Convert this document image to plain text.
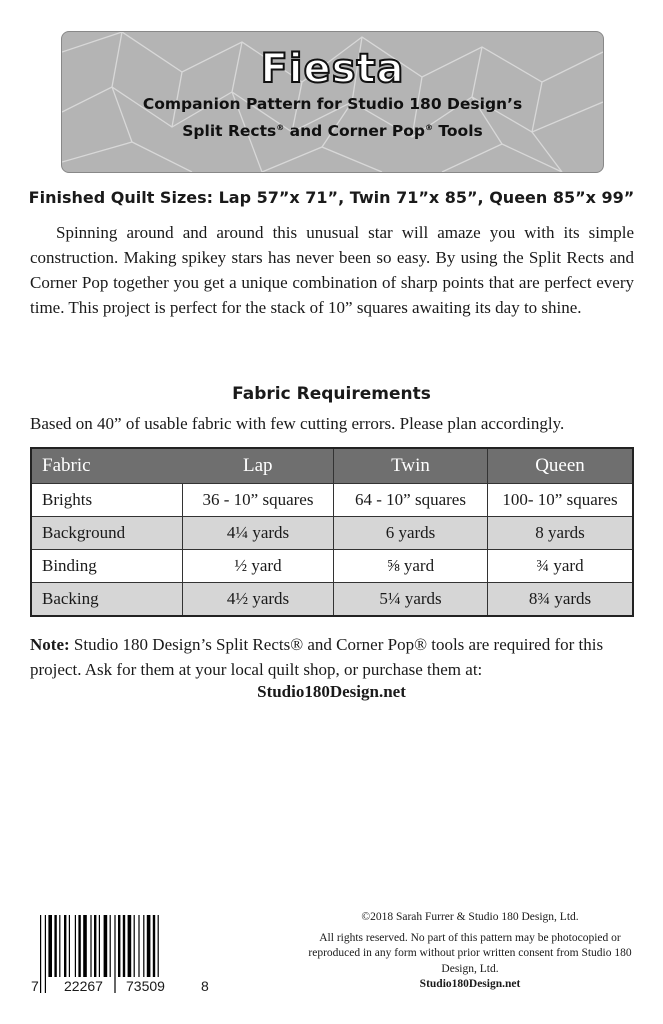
Fiesta
Companion Pattern for Studio 180 Design’s
Split Rects® and Corner Pop® Tools
Finished Quilt Sizes: Lap 57”x 71”, Twin 71”x 85”, Queen 85”x 99”
Spinning around and around this unusual star will amaze you with its simple construction. Making spikey stars has never been so easy. By using the Split Rects and Corner Pop together you get a unique combination of sharp points that are perfect every time. This project is perfect for the stack of 10” squares awaiting its day to shine.
Fabric Requirements
Based on 40” of usable fabric with few cutting errors. Please plan accordingly.
Fabric	Lap	Twin	Queen
Brights	36 - 10” squares	64 - 10” squares	100- 10” squares
Background	4¼ yards	6 yards	8 yards
Binding	½ yard	⅝ yard	¾ yard
Backing	4½ yards	5¼ yards	8¾ yards
Note: Studio 180 Design’s Split Rects® and Corner Pop® tools are required for this project. Ask for them at your local quilt shop, or purchase them at:
Studio180Design.net
7 22267 73509	8
©2018 Sarah Furrer & Studio 180 Design, Ltd.
All rights reserved. No part of this pattern may be photocopied or reproduced in any form without prior written consent from Studio 180 Design, Ltd.
Studio180Design.net
